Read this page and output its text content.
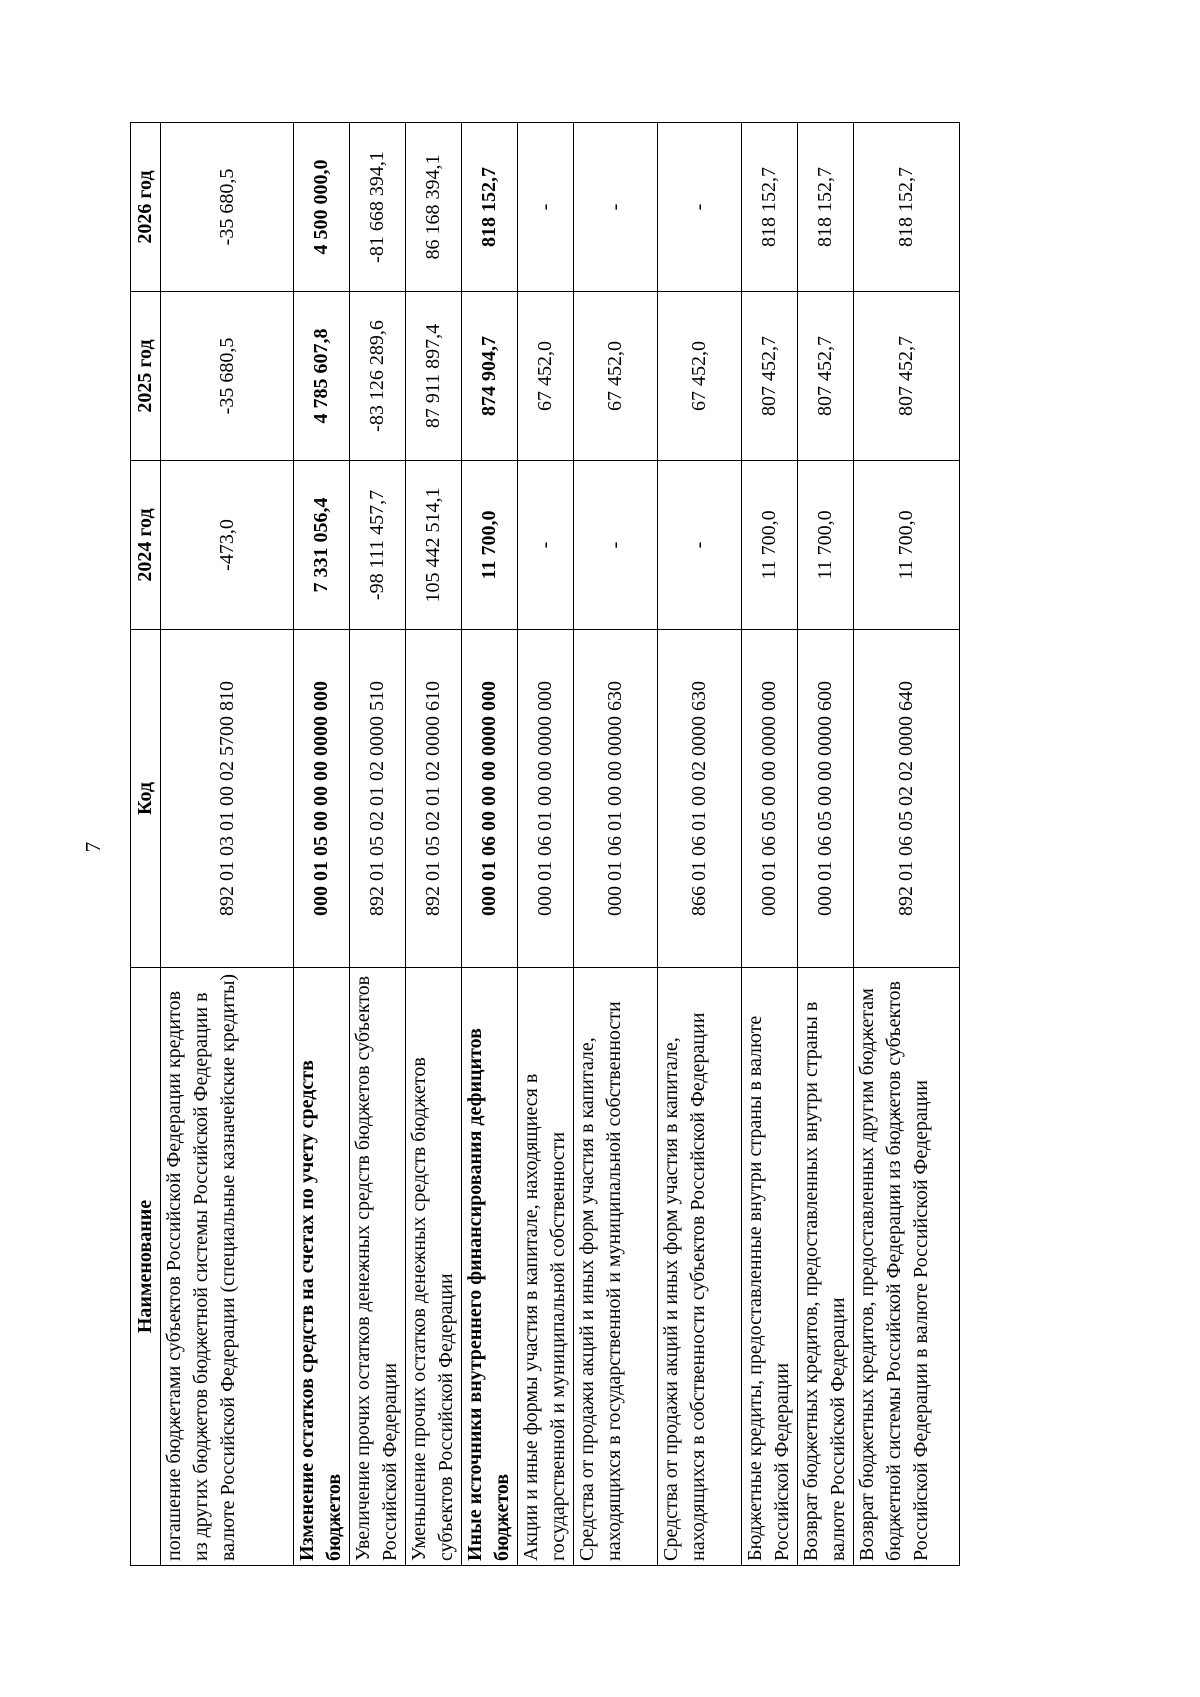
7
Наименование	Код	2024 год	2025 год	2026 год
погашение бюджетами субъектов Российской Федерации кредитов из других бюджетов бюджетной системы Российской Федерации в валюте Российской Федерации (специальные казначейские кредиты)	892 01 03 01 00 02 5700 810	-473,0	-35 680,5	-35 680,5
Изменение остатков средств на счетах по учету средств бюджетов	000 01 05 00 00 00 0000 000	7 331 056,4	4 785 607,8	4 500 000,0
Увеличение прочих остатков денежных средств бюджетов субъектов Российской Федерации	892 01 05 02 01 02 0000 510	-98 111 457,7	-83 126 289,6	-81 668 394,1
Уменьшение прочих остатков денежных средств бюджетов субъектов Российской Федерации	892 01 05 02 01 02 0000 610	105 442 514,1	87 911 897,4	86 168 394,1
Иные источники внутреннего финансирования дефицитов бюджетов	000 01 06 00 00 00 0000 000	11 700,0	874 904,7	818 152,7
Акции и иные формы участия в капитале, находящиеся в государственной и муниципальной собственности	000 01 06 01 00 00 0000 000	-	67 452,0	-
Средства от продажи акций и иных форм участия в капитале, находящихся в государственной и муниципальной собственности	000 01 06 01 00 00 0000 630	-	67 452,0	-
Средства от продажи акций и иных форм участия в капитале, находящихся в собственности субъектов Российской Федерации	866 01 06 01 00 02 0000 630	-	67 452,0	-
Бюджетные кредиты, предоставленные внутри страны в валюте Российской Федерации	000 01 06 05 00 00 0000 000	11 700,0	807 452,7	818 152,7
Возврат бюджетных кредитов, предоставленных внутри страны в валюте Российской Федерации	000 01 06 05 00 00 0000 600	11 700,0	807 452,7	818 152,7
Возврат бюджетных кредитов, предоставленных другим бюджетам бюджетной системы Российской Федерации из бюджетов субъектов Российской Федерации в валюте Российской Федерации	892 01 06 05 02 02 0000 640	11 700,0	807 452,7	818 152,7
